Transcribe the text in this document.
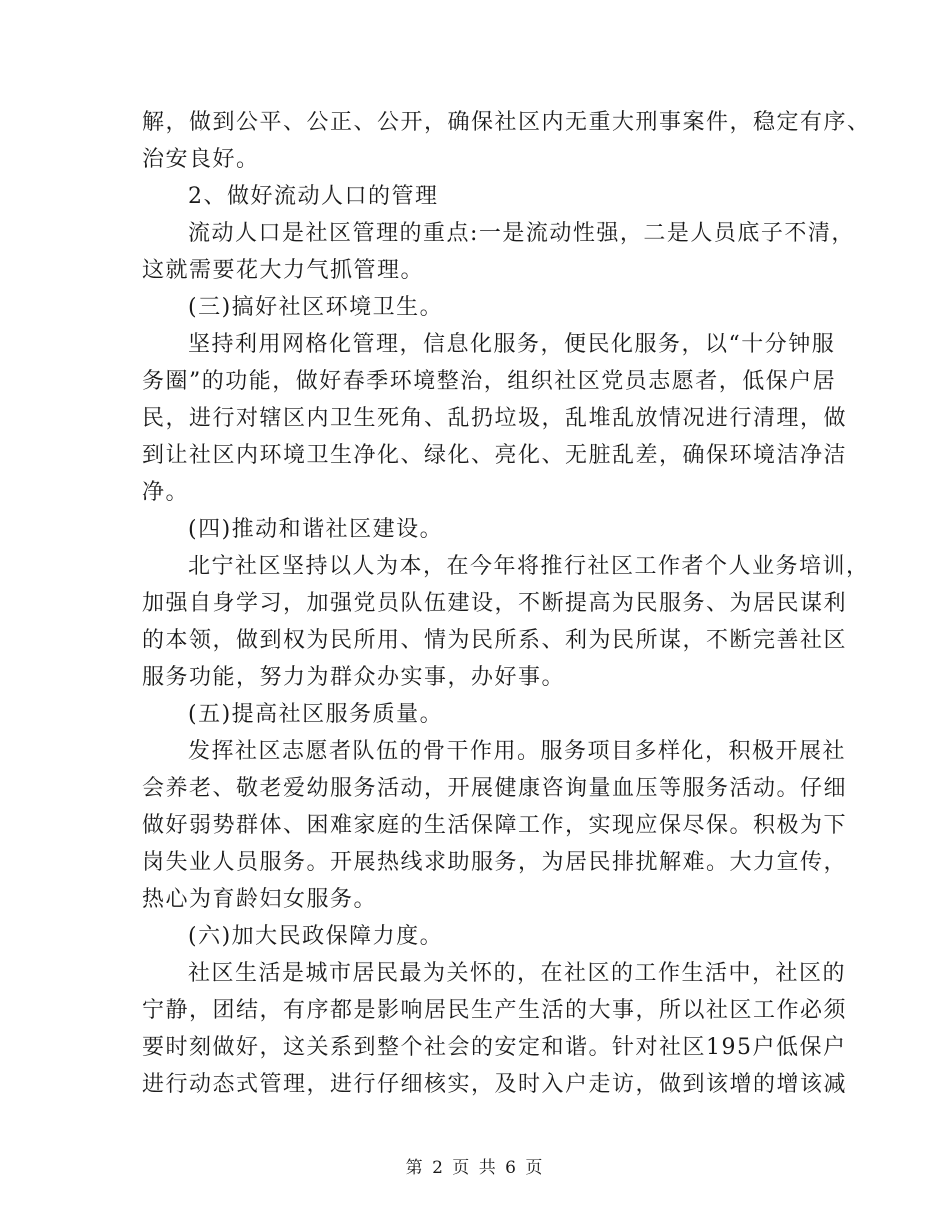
解，做到公平、公正、公开，确保社区内无重大刑事案件，稳定有序、
治安良好。
2、做好流动人口的管理
流动人口是社区管理的重点:一是流动性强，二是人员底子不清，
这就需要花大力气抓管理。
(三)搞好社区环境卫生。
坚持利用网格化管理，信息化服务，便民化服务，以“十分钟服
务圈”的功能，做好春季环境整治，组织社区党员志愿者，低保户居
民，进行对辖区内卫生死角、乱扔垃圾，乱堆乱放情况进行清理，做
到让社区内环境卫生净化、绿化、亮化、无脏乱差，确保环境洁净洁
净。
(四)推动和谐社区建设。
北宁社区坚持以人为本，在今年将推行社区工作者个人业务培训，
加强自身学习，加强党员队伍建设，不断提高为民服务、为居民谋利
的本领，做到权为民所用、情为民所系、利为民所谋，不断完善社区
服务功能，努力为群众办实事，办好事。
(五)提高社区服务质量。
发挥社区志愿者队伍的骨干作用。服务项目多样化，积极开展社
会养老、敬老爱幼服务活动，开展健康咨询量血压等服务活动。仔细
做好弱势群体、困难家庭的生活保障工作，实现应保尽保。积极为下
岗失业人员服务。开展热线求助服务，为居民排扰解难。大力宣传，
热心为育龄妇女服务。
(六)加大民政保障力度。
社区生活是城市居民最为关怀的，在社区的工作生活中，社区的
宁静，团结，有序都是影响居民生产生活的大事，所以社区工作必须
要时刻做好，这关系到整个社会的安定和谐。针对社区195户低保户
进行动态式管理，进行仔细核实，及时入户走访，做到该增的增该减
第 2 页 共 6 页
